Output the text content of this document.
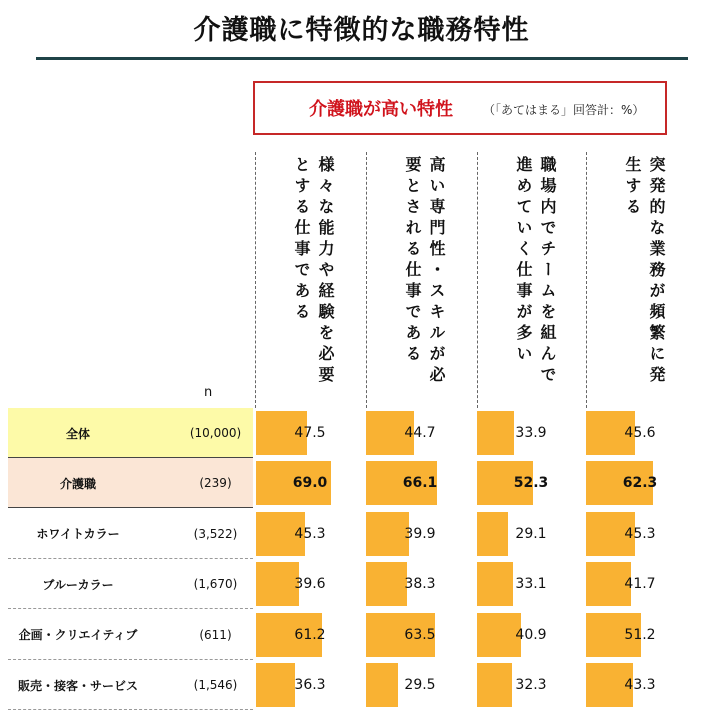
介護職に特徴的な職務特性
介護職が高い特性	（「あてはまる」回答計：%）
様々な能力や経験を必要とする仕事である	高い専門性・スキルが必要とされる仕事である	職場内でチームを組んで進めていく仕事が多い	突発的な業務が頻繁に発生する
n
全体	(10,000)	47.5	44.7	33.9	45.6
介護職	(239)	69.0	66.1	52.3	62.3
ホワイトカラー	(3,522)	45.3	39.9	29.1	45.3
ブルーカラー	(1,670)	39.6	38.3	33.1	41.7
企画・クリエイティブ	(611)	61.2	63.5	40.9	51.2
販売・接客・サービス	(1,546)	36.3	29.5	32.3	43.3
